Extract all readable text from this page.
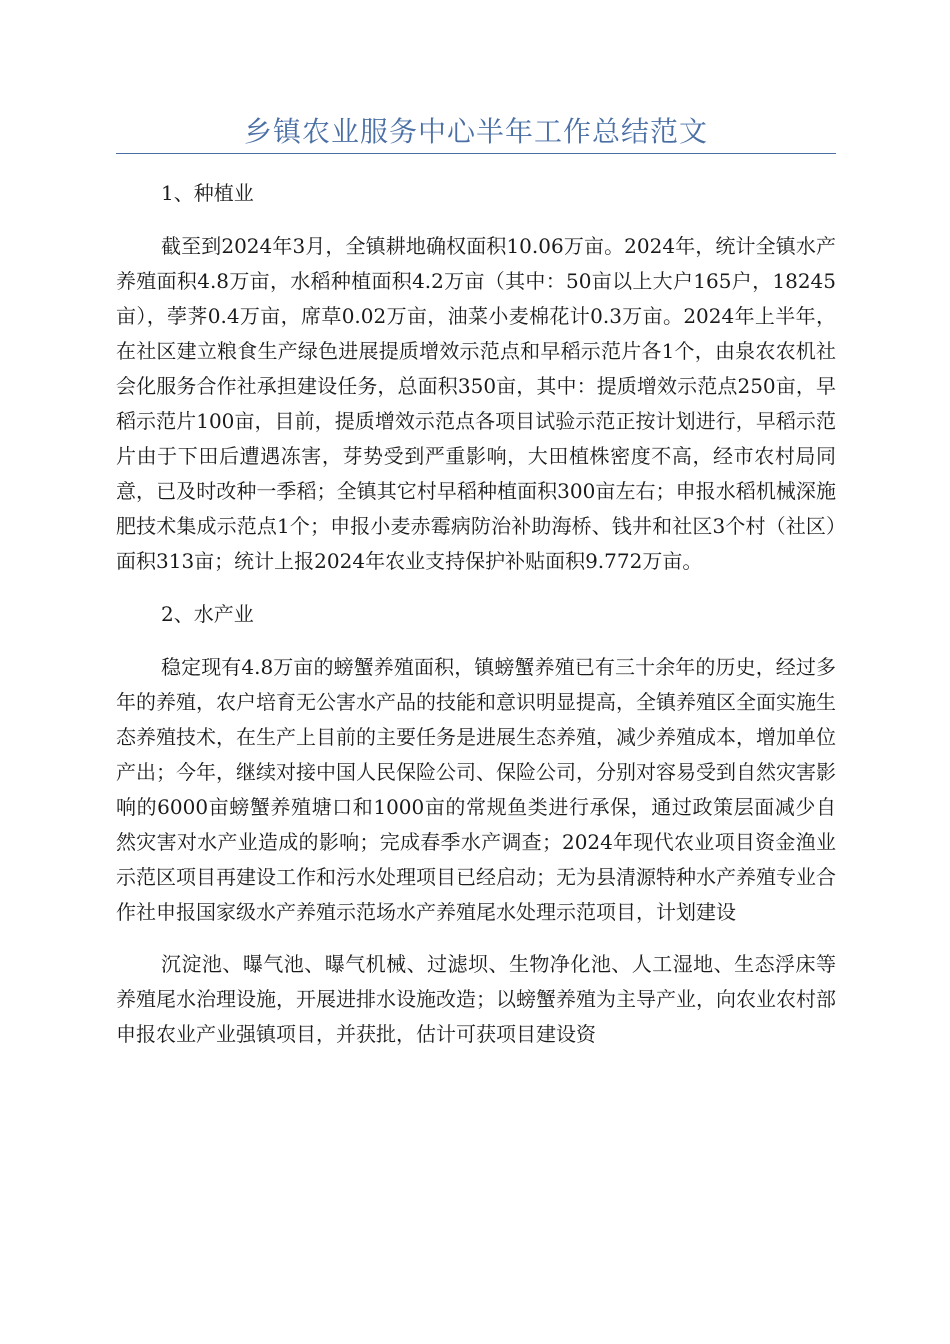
乡镇农业服务中心半年工作总结范文

1、种植业

截至到2024年3月，全镇耕地确权面积10.06万亩。2024年，统计全镇水产养殖面积4.8万亩，水稻种植面积4.2万亩（其中：50亩以上大户165户，18245亩），荸荠0.4万亩，席草0.02万亩，油菜小麦棉花计0.3万亩。2024年上半年，在社区建立粮食生产绿色进展提质增效示范点和早稻示范片各1个，由泉农农机社会化服务合作社承担建设任务，总面积350亩，其中：提质增效示范点250亩，早稻示范片100亩，目前，提质增效示范点各项目试验示范正按计划进行，早稻示范片由于下田后遭遇冻害，芽势受到严重影响，大田植株密度不高，经市农村局同意，已及时改种一季稻；全镇其它村早稻种植面积300亩左右；申报水稻机械深施肥技术集成示范点1个；申报小麦赤霉病防治补助海桥、钱井和社区3个村（社区）面积313亩；统计上报2024年农业支持保护补贴面积9.772万亩。

2、水产业

稳定现有4.8万亩的螃蟹养殖面积，镇螃蟹养殖已有三十余年的历史，经过多年的养殖，农户培育无公害水产品的技能和意识明显提高，全镇养殖区全面实施生态养殖技术，在生产上目前的主要任务是进展生态养殖，减少养殖成本，增加单位产出；今年，继续对接中国人民保险公司、保险公司，分别对容易受到自然灾害影响的6000亩螃蟹养殖塘口和1000亩的常规鱼类进行承保，通过政策层面减少自然灾害对水产业造成的影响；完成春季水产调查；2024年现代农业项目资金渔业示范区项目再建设工作和污水处理项目已经启动；无为县清源特种水产养殖专业合作社申报国家级水产养殖示范场水产养殖尾水处理示范项目，计划建设

沉淀池、曝气池、曝气机械、过滤坝、生物净化池、人工湿地、生态浮床等养殖尾水治理设施，开展进排水设施改造；以螃蟹养殖为主导产业，向农业农村部申报农业产业强镇项目，并获批，估计可获项目建设资
